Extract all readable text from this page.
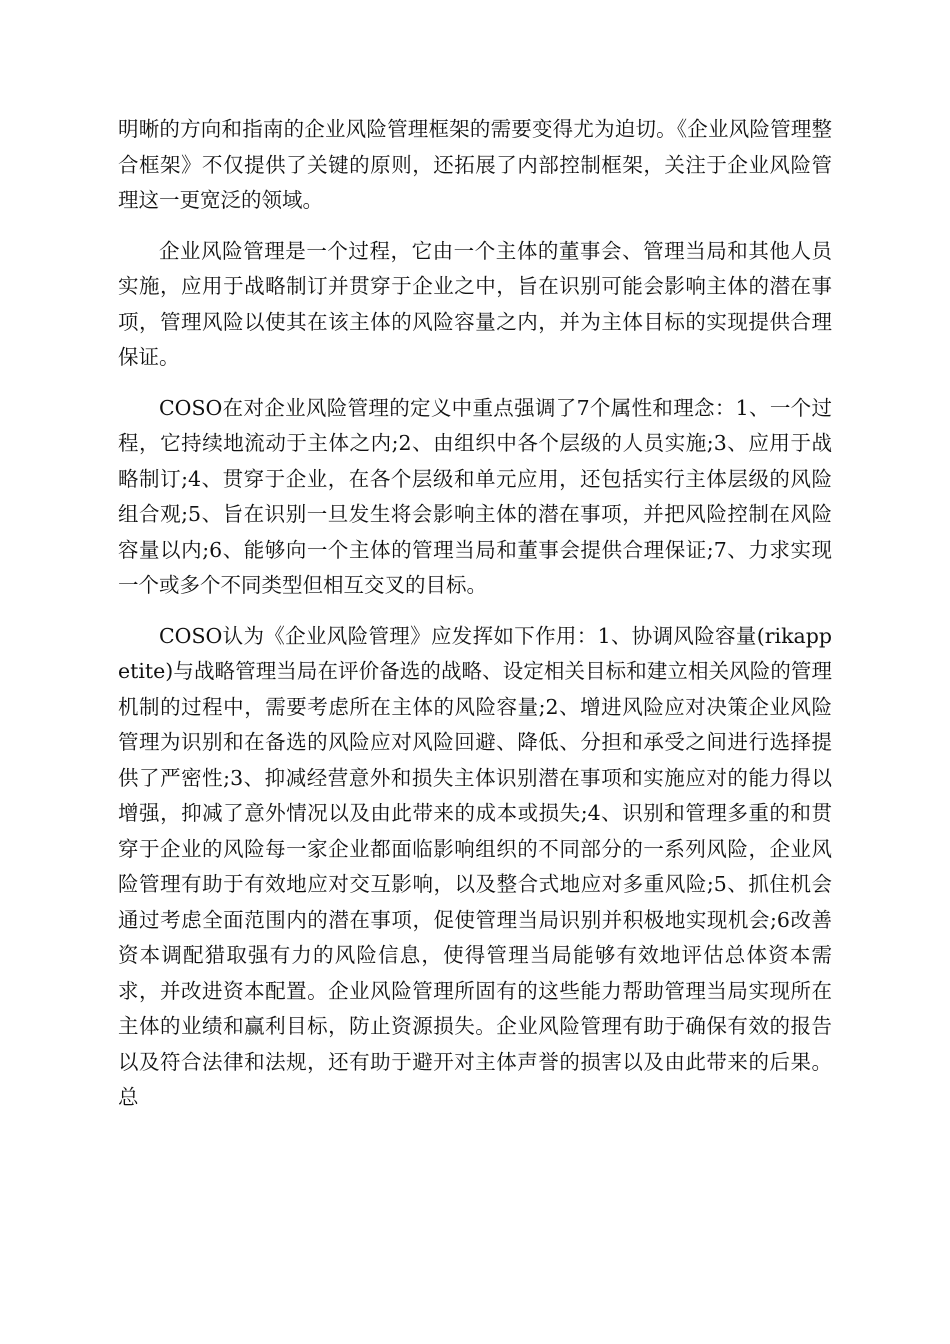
明晰的方向和指南的企业风险管理框架的需要变得尤为迫切。《企业风险管理整合框架》不仅提供了关键的原则，还拓展了内部控制框架，关注于企业风险管理这一更宽泛的领域。

企业风险管理是一个过程，它由一个主体的董事会、管理当局和其他人员实施，应用于战略制订并贯穿于企业之中，旨在识别可能会影响主体的潜在事项，管理风险以使其在该主体的风险容量之内，并为主体目标的实现提供合理保证。

COSO在对企业风险管理的定义中重点强调了7个属性和理念：1、一个过程，它持续地流动于主体之内;2、由组织中各个层级的人员实施;3、应用于战略制订;4、贯穿于企业，在各个层级和单元应用，还包括实行主体层级的风险组合观;5、旨在识别一旦发生将会影响主体的潜在事项，并把风险控制在风险容量以内;6、能够向一个主体的管理当局和董事会提供合理保证;7、力求实现一个或多个不同类型但相互交叉的目标。

COSO认为《企业风险管理》应发挥如下作用：1、协调风险容量(rikappetite)与战略管理当局在评价备选的战略、设定相关目标和建立相关风险的管理机制的过程中，需要考虑所在主体的风险容量;2、增进风险应对决策企业风险管理为识别和在备选的风险应对风险回避、降低、分担和承受之间进行选择提供了严密性;3、抑减经营意外和损失主体识别潜在事项和实施应对的能力得以增强，抑减了意外情况以及由此带来的成本或损失;4、识别和管理多重的和贯穿于企业的风险每一家企业都面临影响组织的不同部分的一系列风险，企业风险管理有助于有效地应对交互影响，以及整合式地应对多重风险;5、抓住机会通过考虑全面范围内的潜在事项，促使管理当局识别并积极地实现机会;6改善资本调配猎取强有力的风险信息，使得管理当局能够有效地评估总体资本需求，并改进资本配置。企业风险管理所固有的这些能力帮助管理当局实现所在主体的业绩和赢利目标，防止资源损失。企业风险管理有助于确保有效的报告以及符合法律和法规，还有助于避开对主体声誉的损害以及由此带来的后果。总
